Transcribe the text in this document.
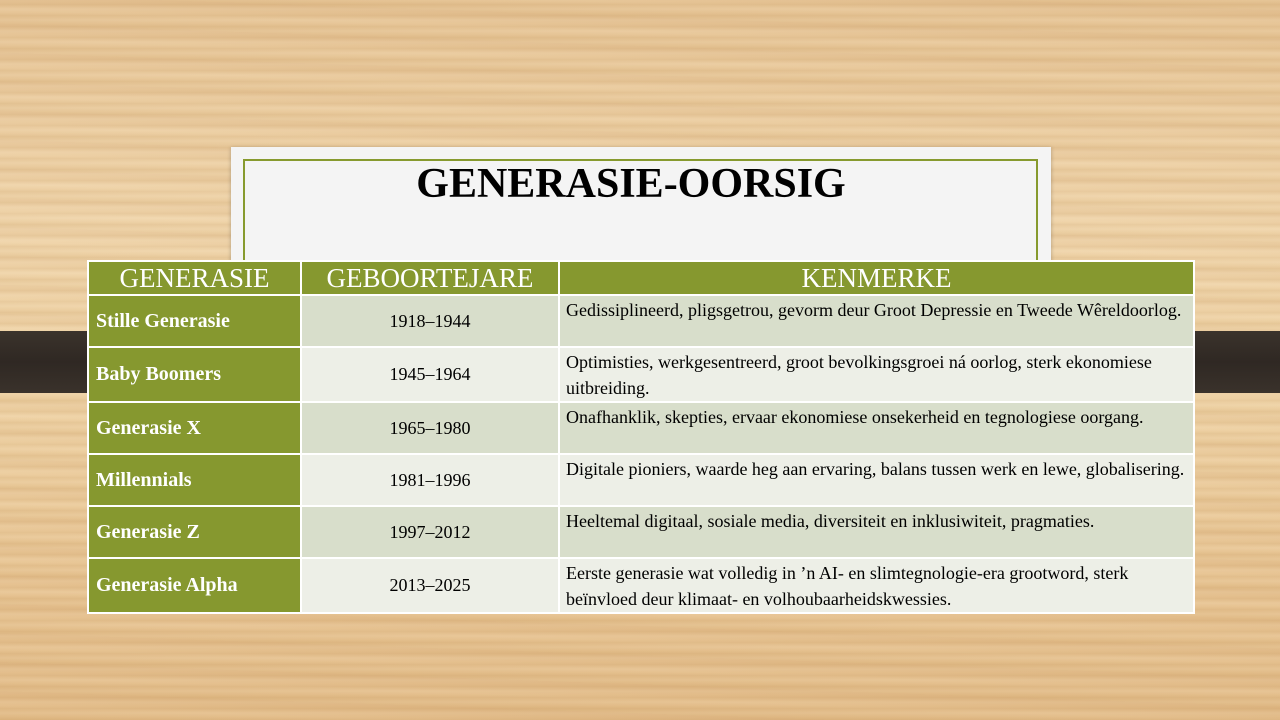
GENERASIE-OORSIG
GENERASIE	GEBOORTEJARE	KENMERKE
Stille Generasie	1918–1944	Gedissiplineerd, pligsgetrou, gevorm deur Groot Depressie en Tweede Wêreldoorlog.
Baby Boomers	1945–1964	Optimisties, werkgesentreerd, groot bevolkingsgroei ná oorlog, sterk ekonomiese uitbreiding.
Generasie X	1965–1980	Onafhanklik, skepties, ervaar ekonomiese onsekerheid en tegnologiese oorgang.
Millennials	1981–1996	Digitale pioniers, waarde heg aan ervaring, balans tussen werk en lewe, globalisering.
Generasie Z	1997–2012	Heeltemal digitaal, sosiale media, diversiteit en inklusiwiteit, pragmaties.
Generasie Alpha	2013–2025	Eerste generasie wat volledig in ’n AI- en slimtegnologie-era grootword, sterk beïnvloed deur klimaat- en volhoubaarheidskwessies.
